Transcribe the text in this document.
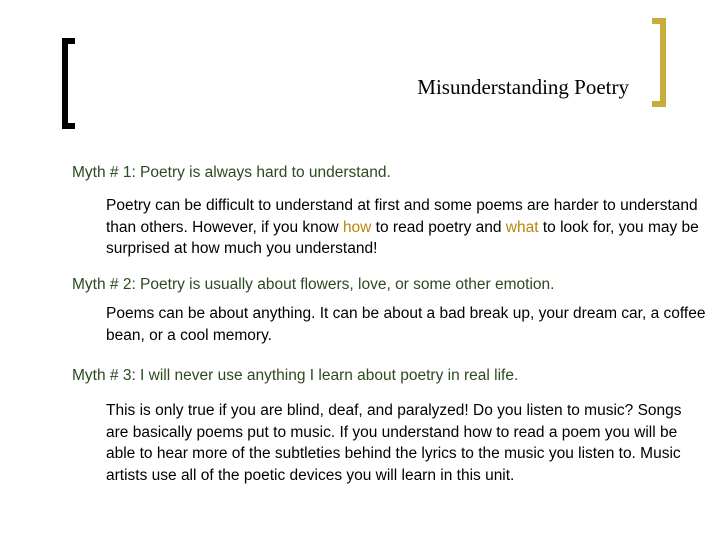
Misunderstanding Poetry
Myth # 1: Poetry is always hard to understand.
Poetry can be difficult to understand at first and some poems are harder to understand than others. However, if you know how to read poetry and what to look for, you may be surprised at how much you understand!
Myth # 2: Poetry is usually about flowers, love, or some other emotion.
Poems can be about anything. It can be about a bad break up, your dream car, a coffee bean, or a cool memory.
Myth # 3: I will never use anything I learn about poetry in real life.
This is only true if you are blind, deaf, and paralyzed! Do you listen to music? Songs are basically poems put to music. If you understand how to read a poem you will be able to hear more of the subtleties behind the lyrics to the music you listen to. Music artists use all of the poetic devices you will learn in this unit.
